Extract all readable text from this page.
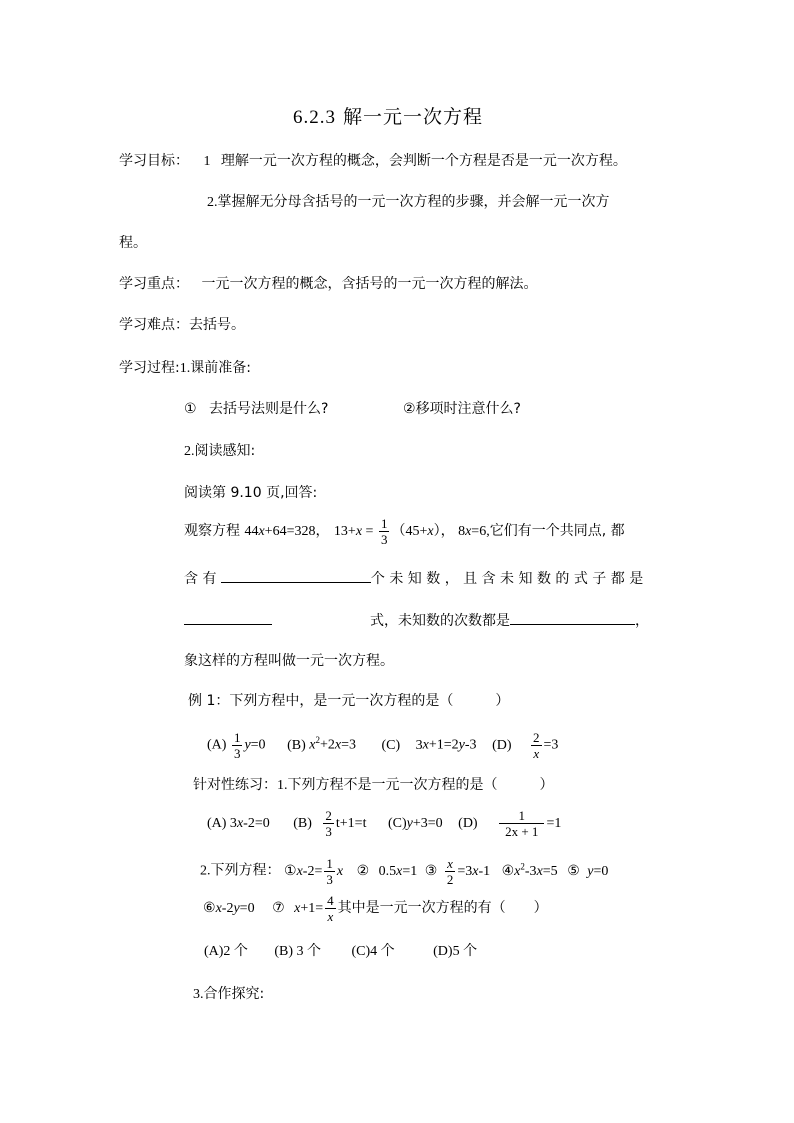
6.2.3 解一元一次方程
学习目标： 1 理解一元一次方程的概念，会判断一个方程是否是一元一次方程。
2.掌握解无分母含括号的一元一次方程的步骤，并会解一元一次方
程。
学习重点： 一元一次方程的概念，含括号的一元一次方程的解法。
学习难点：去括号。
学习过程:1.课前准备:
① 去括号法则是什么?	②移项时注意什么?
2.阅读感知:
阅读第 9.10 页,回答:
观察方程 44x+64=328， $13+x = \frac{1}{3} (45+x)$， 8x=6,它们有一个共同点, 都
含 有	个 未 知 数 ， 且 含 未 知 数 的 式 子 都 是
式，未知数的次数都是	，
象这样的方程叫做一元一次方程。
例 1：下列方程中，是一元一次方程的是（　　　）
$(A) \frac{1}{3} y=0$ (B) $x^2+2x=3$ (C) 3x+1=2y-3 $(D) \frac{2}{x} =3$
针对性练习：1.下列方程不是一元一次方程的是（　　　）
(A) 3x-2=0 $(B) \frac{2}{3} t+1=t$ (C)y+3=0 $(D) \frac{1}{2x + 1} =1$
2.下列方程： ①x-2= $\frac{1}{3}$ x ② 0.5x=1 ③ $\frac{x}{2} =3x-1$ $④x^2-3x=5$ ⑤ y=0
⑥x-2y=0 ⑦ $x+1= \frac{4}{x}$ 其中是一元一次方程的有（　　）
(A)2 个 (B) 3 个 (C)4 个	(D)5 个
3.合作探究:
